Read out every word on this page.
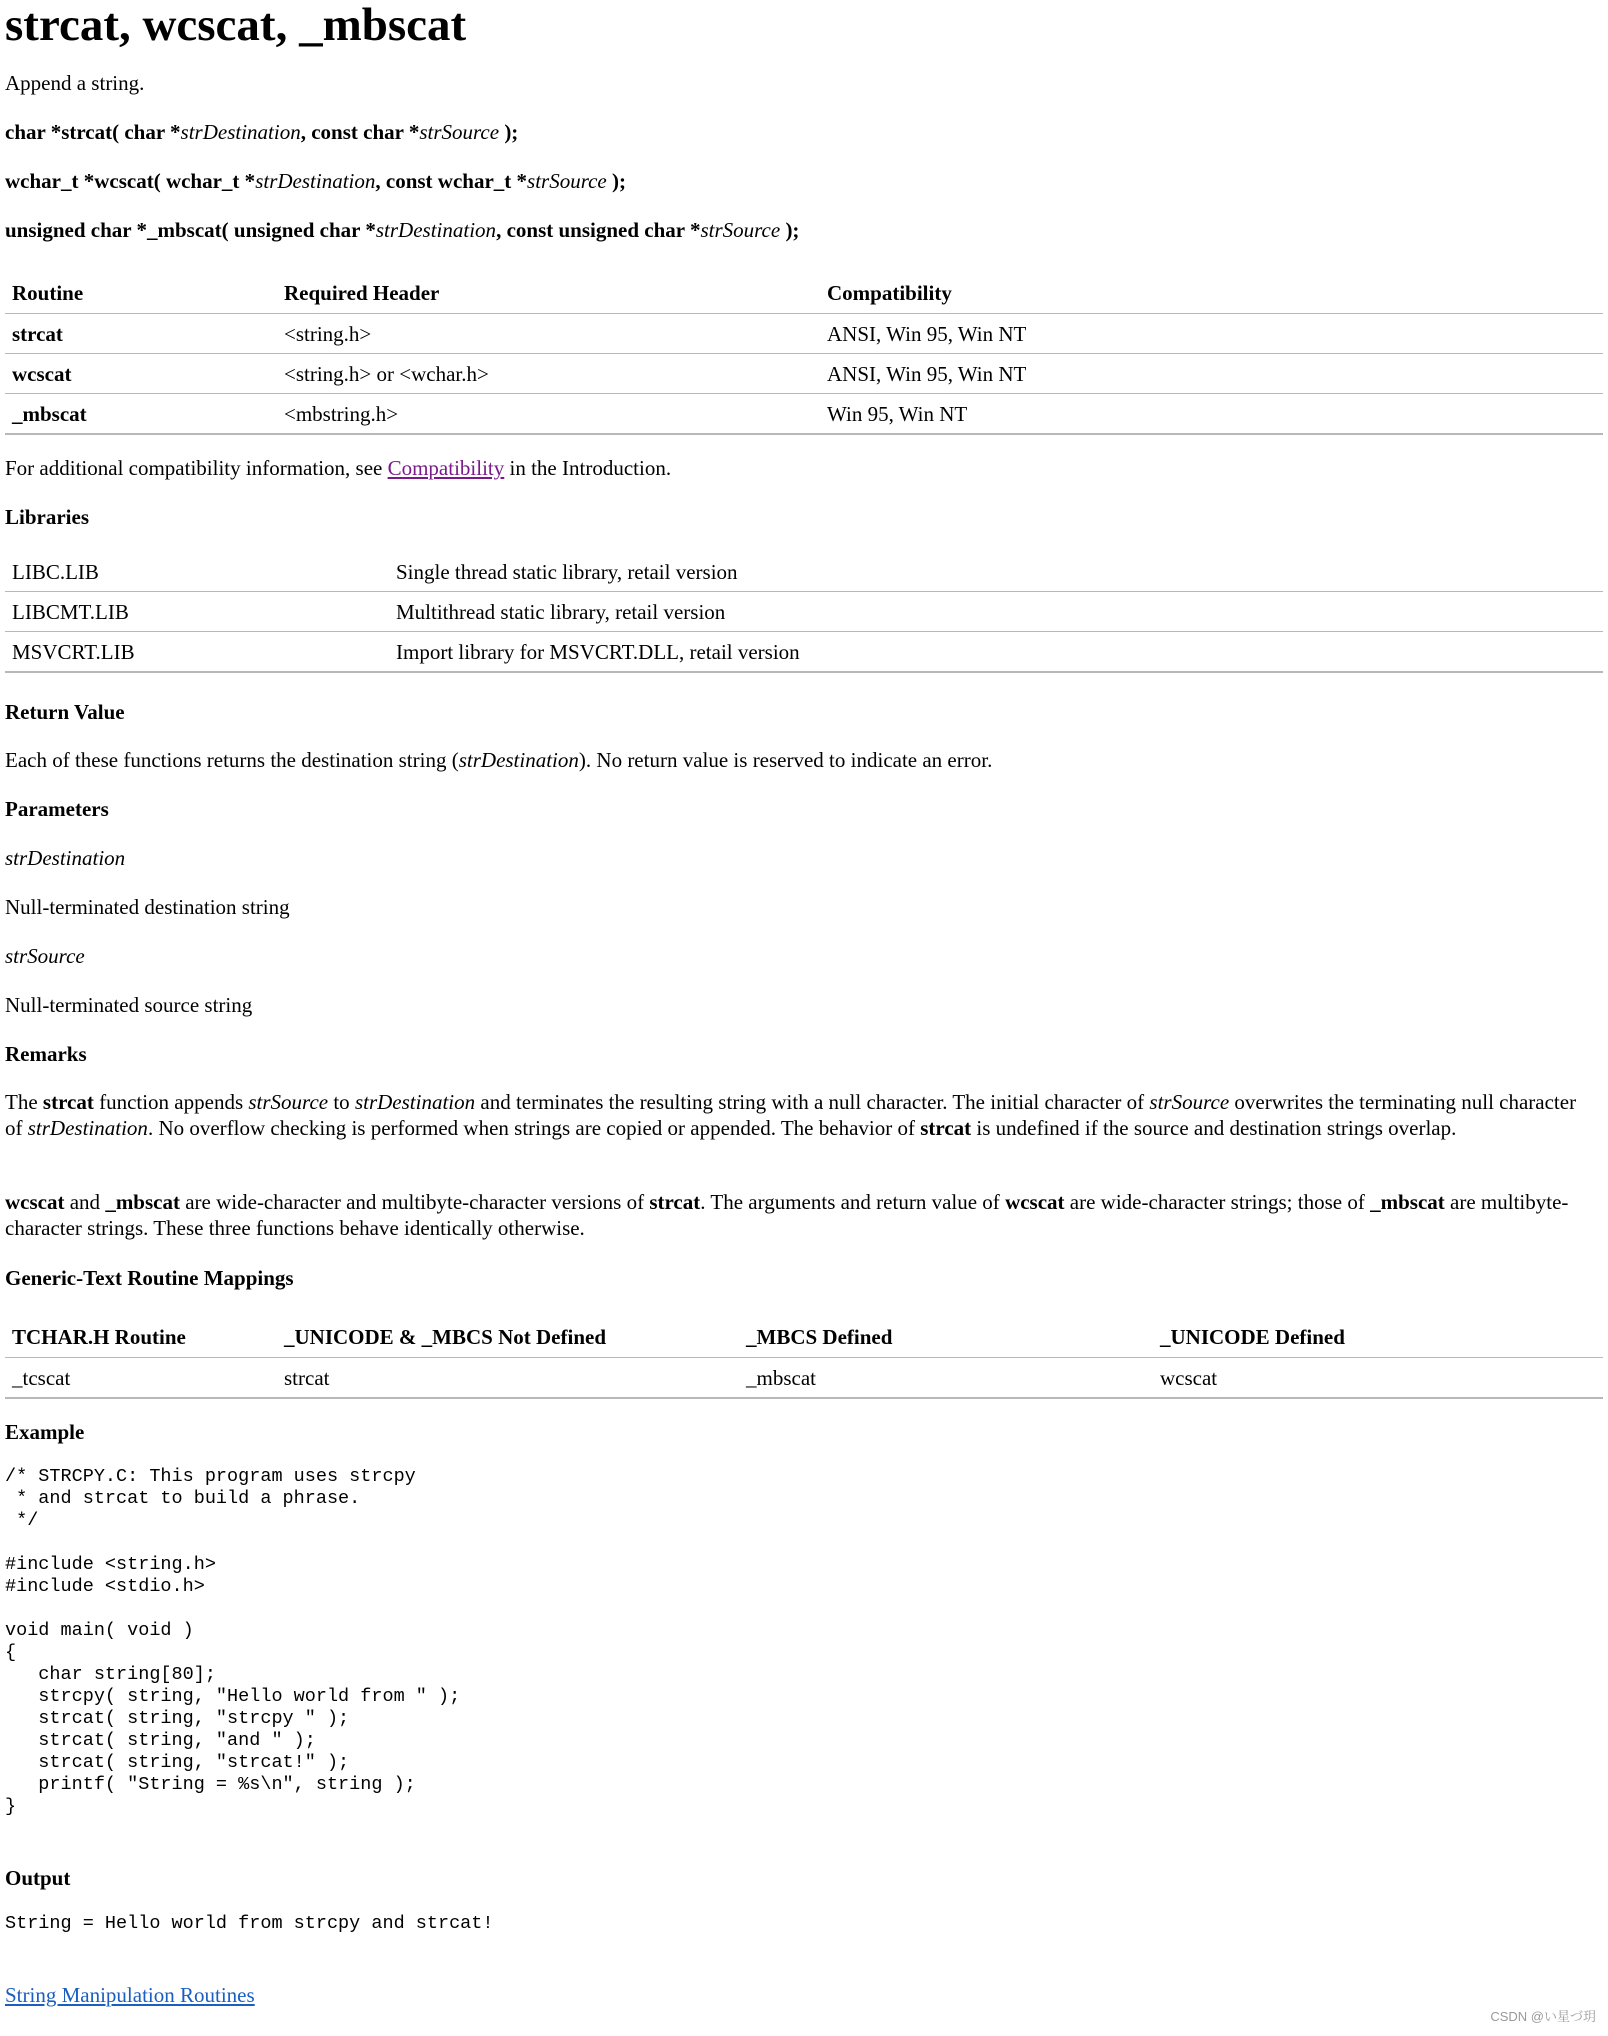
strcat, wcscat, _mbscat
Append a string.
char *strcat( char *strDestination, const char *strSource );
wchar_t *wcscat( wchar_t *strDestination, const wchar_t *strSource );
unsigned char *_mbscat( unsigned char *strDestination, const unsigned char *strSource );
Routine	Required Header	Compatibility
strcat	<string.h>	ANSI, Win 95, Win NT
wcscat	<string.h> or <wchar.h>	ANSI, Win 95, Win NT
_mbscat	<mbstring.h>	Win 95, Win NT
For additional compatibility information, see Compatibility in the Introduction.
Libraries
LIBC.LIB	Single thread static library, retail version
LIBCMT.LIB	Multithread static library, retail version
MSVCRT.LIB	Import library for MSVCRT.DLL, retail version
Return Value
Each of these functions returns the destination string (strDestination). No return value is reserved to indicate an error.
Parameters
strDestination
Null-terminated destination string
strSource
Null-terminated source string
Remarks
The strcat function appends strSource to strDestination and terminates the resulting string with a null character. The initial character of strSource overwrites the terminating null character of strDestination. No overflow checking is performed when strings are copied or appended. The behavior of strcat is undefined if the source and destination strings overlap.
wcscat and _mbscat are wide-character and multibyte-character versions of strcat. The arguments and return value of wcscat are wide-character strings; those of _mbscat are multibyte-character strings. These three functions behave identically otherwise.
Generic-Text Routine Mappings
TCHAR.H Routine	_UNICODE & _MBCS Not Defined	_MBCS Defined	_UNICODE Defined
_tcscat	strcat	_mbscat	wcscat
Example
/* STRCPY.C: This program uses strcpy
* and strcat to build a phrase.
*/

#include <string.h>
#include <stdio.h>

void main( void )
{
char string[80];
strcpy( string, "Hello world from " );
strcat( string, "strcpy " );
strcat( string, "and " );
strcat( string, "strcat!" );
printf( "String = %s\n", string );
}
Output
String = Hello world from strcpy and strcat!
String Manipulation Routines
CSDN @い星づ玥
